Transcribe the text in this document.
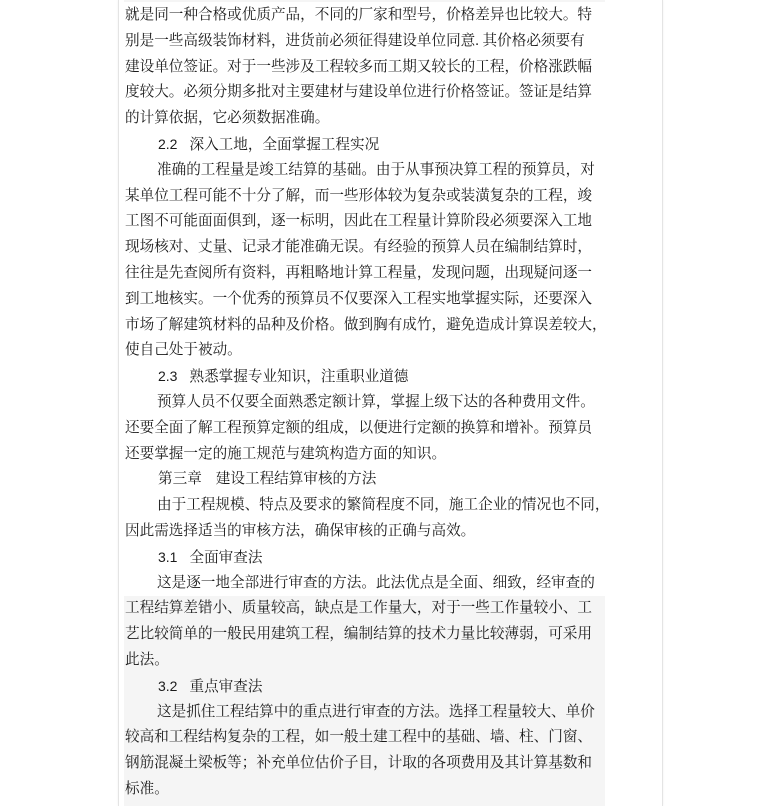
就是同一种合格或优质产品，不同的厂家和型号，价格差异也比较大。特
别是一些高级装饰材料，进货前必须征得建设单位同意. 其价格必须要有
建设单位签证。对于一些涉及工程较多而工期又较长的工程，价格涨跌幅
度较大。必须分期多批对主要建材与建设单位进行价格签证。签证是结算
的计算依据，它必须数据准确。
2.2 深入工地，全面掌握工程实况
准确的工程量是竣工结算的基础。由于从事预决算工程的预算员，对
某单位工程可能不十分了解，而一些形体较为复杂或装潢复杂的工程，竣
工图不可能面面俱到，逐一标明，因此在工程量计算阶段必须要深入工地
现场核对、丈量、记录才能准确无误。有经验的预算人员在编制结算时，
往往是先查阅所有资料，再粗略地计算工程量，发现问题，出现疑问逐一
到工地核实。一个优秀的预算员不仅要深入工程实地掌握实际，还要深入
市场了解建筑材料的品种及价格。做到胸有成竹，避免造成计算误差较大，
使自己处于被动。
2.3 熟悉掌握专业知识，注重职业道德
预算人员不仅要全面熟悉定额计算，掌握上级下达的各种费用文件。
还要全面了解工程预算定额的组成，以便进行定额的换算和增补。预算员
还要掌握一定的施工规范与建筑构造方面的知识。
第三章 建设工程结算审核的方法
由于工程规模、特点及要求的繁简程度不同，施工企业的情况也不同，
因此需选择适当的审核方法，确保审核的正确与高效。
3.1 全面审查法
这是逐一地全部进行审查的方法。此法优点是全面、细致，经审查的
工程结算差错小、质量较高，缺点是工作量大，对于一些工作量较小、工
艺比较简单的一般民用建筑工程，编制结算的技术力量比较薄弱，可采用
此法。
3.2 重点审查法
这是抓住工程结算中的重点进行审查的方法。选择工程量较大、单价
较高和工程结构复杂的工程，如一般土建工程中的基础、墙、柱、门窗、
钢筋混凝土梁板等；补充单位估价子目，计取的各项费用及其计算基数和
标准。
